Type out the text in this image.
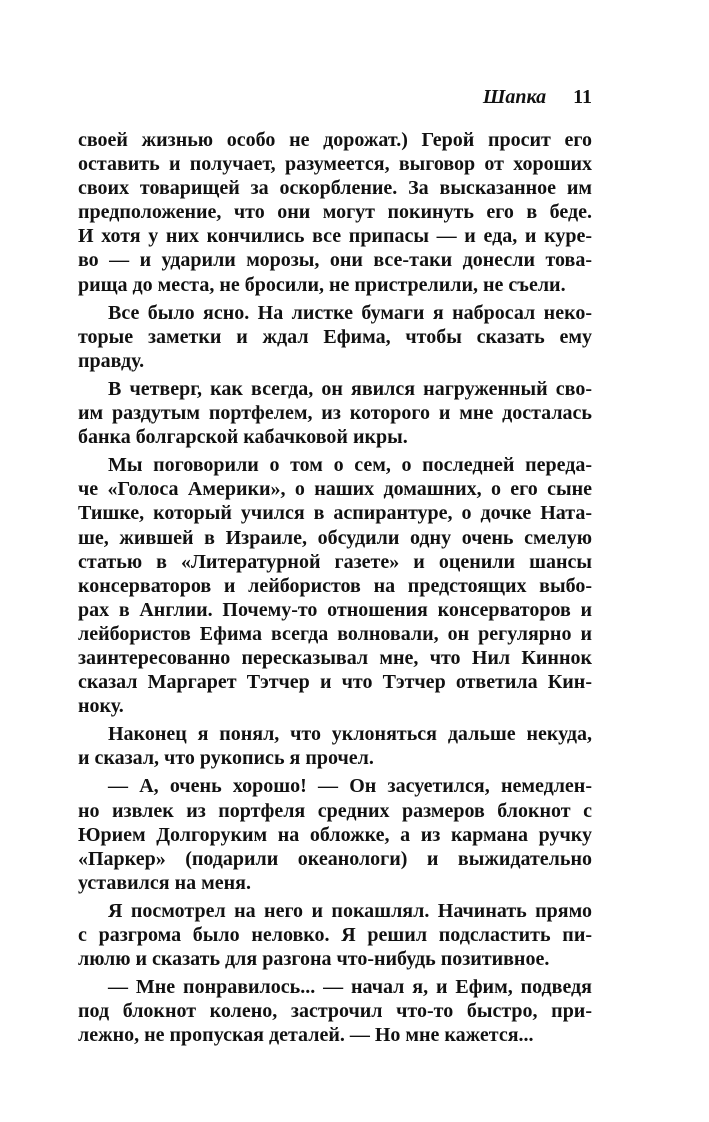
Шапка 11
своей жизнью особо не дорожат.) Герой просит его
оставить и получает, разумеется, выговор от хороших
своих товарищей за оскорбление. За высказанное им
предположение, что они могут покинуть его в беде.
И хотя у них кончились все припасы — и еда, и куре-
во — и ударили морозы, они все-таки донесли това-
рища до места, не бросили, не пристрелили, не съели.
Все было ясно. На листке бумаги я набросал неко-
торые заметки и ждал Ефима, чтобы сказать ему
правду.
В четверг, как всегда, он явился нагруженный сво-
им раздутым портфелем, из которого и мне досталась
банка болгарской кабачковой икры.
Мы поговорили о том о сем, о последней переда-
че «Голоса Америки», о наших домашних, о его сыне
Тишке, который учился в аспирантуре, о дочке Ната-
ше, жившей в Израиле, обсудили одну очень смелую
статью в «Литературной газете» и оценили шансы
консерваторов и лейбористов на предстоящих выбо-
рах в Англии. Почему-то отношения консерваторов и
лейбористов Ефима всегда волновали, он регулярно и
заинтересованно пересказывал мне, что Нил Киннок
сказал Маргарет Тэтчер и что Тэтчер ответила Кин-
ноку.
Наконец я понял, что уклоняться дальше некуда,
и сказал, что рукопись я прочел.
— А, очень хорошо! — Он засуетился, немедлен-
но извлек из портфеля средних размеров блокнот с
Юрием Долгоруким на обложке, а из кармана ручку
«Паркер» (подарили океанологи) и выжидательно
уставился на меня.
Я посмотрел на него и покашлял. Начинать прямо
с разгрома было неловко. Я решил подсластить пи-
люлю и сказать для разгона что-нибудь позитивное.
— Мне понравилось... — начал я, и Ефим, подведя
под блокнот колено, застрочил что-то быстро, при-
лежно, не пропуская деталей. — Но мне кажется...
